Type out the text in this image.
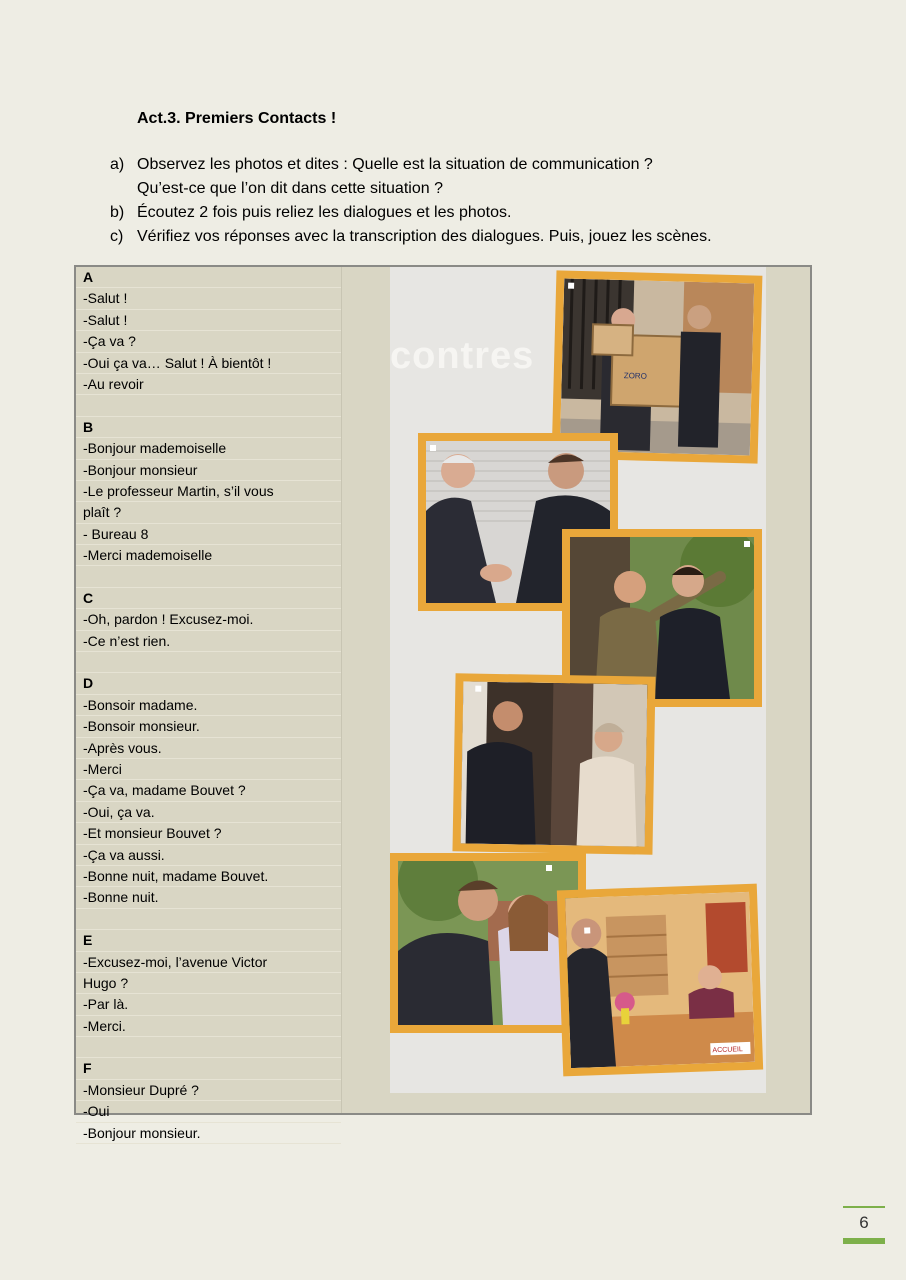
Act.3. Premiers Contacts !
a) Observez les photos et dites : Quelle est la situation de communication ?
Qu’est-ce que l’on dit dans cette situation ?
b) Écoutez 2 fois puis reliez les dialogues et les photos.
c) Vérifiez vos réponses avec la transcription des dialogues. Puis, jouez les scènes.
A
-Salut !
-Salut !
-Ça va ?
-Oui ça va… Salut ! À bientôt !
-Au revoir
B
-Bonjour mademoiselle
-Bonjour monsieur
-Le professeur Martin, s’il vous
plaît ?
- Bureau 8
-Merci mademoiselle
C
-Oh, pardon ! Excusez-moi.
-Ce n’est rien.
D
-Bonsoir madame.
-Bonsoir monsieur.
-Après vous.
-Merci
-Ça va, madame Bouvet ?
-Oui, ça va.
-Et monsieur Bouvet ?
-Ça va aussi.
-Bonne nuit, madame Bouvet.
-Bonne nuit.
E
-Excusez-moi, l’avenue Victor
Hugo ?
-Par là.
-Merci.
F
-Monsieur Dupré ?
-Oui
-Bonjour monsieur.
contres	ZORO
ACCUEIL
6
